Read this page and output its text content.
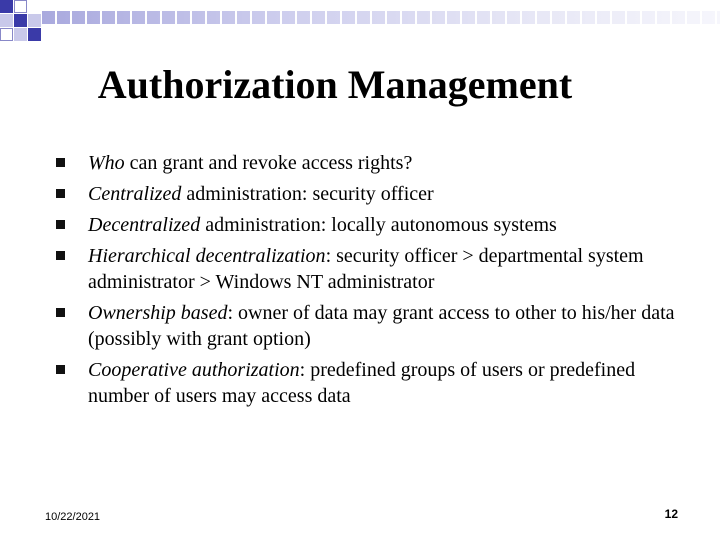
Authorization Management
Who can grant and revoke access rights?
Centralized administration: security officer
Decentralized administration: locally autonomous systems
Hierarchical decentralization: security officer > departmental system administrator > Windows NT administrator
Ownership based: owner of data may grant access to other to his/her data (possibly with grant option)
Cooperative authorization: predefined groups of users or predefined number of users may access data
10/22/2021	12
